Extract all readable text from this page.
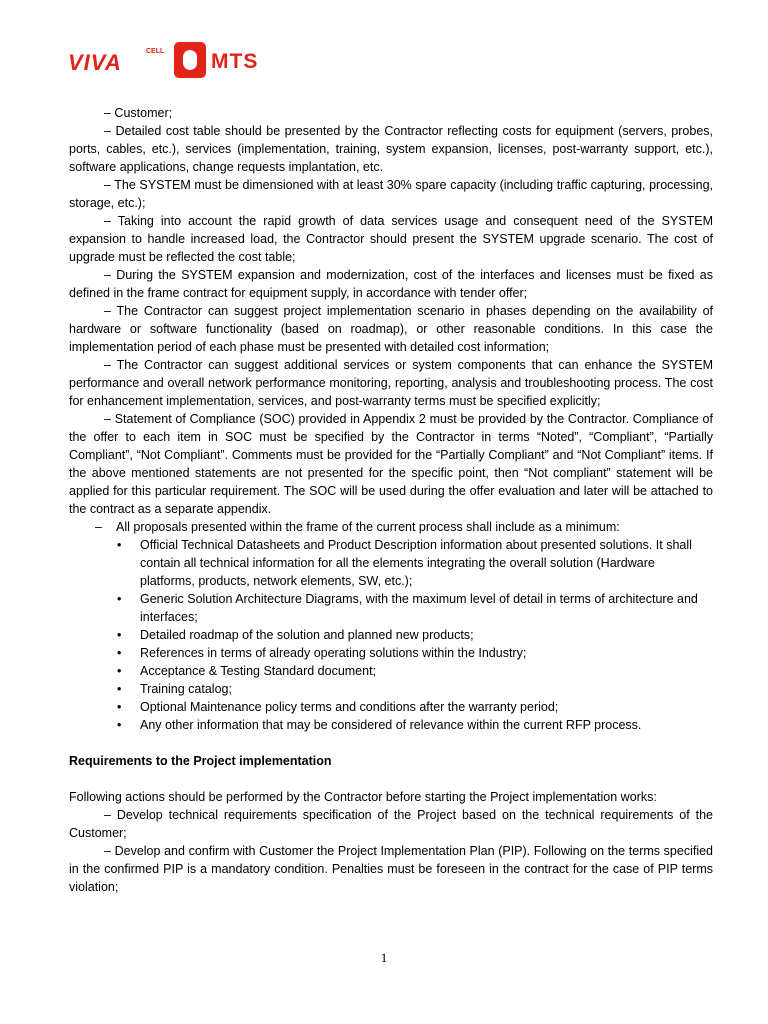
VIVA	CELL MTS

– Customer;

– Detailed cost table should be presented by the Contractor reflecting costs for equipment (servers, probes, ports, cables, etc.), services (implementation, training, system expansion, licenses, post-warranty support, etc.), software applications, change requests implantation, etc.

– The SYSTEM must be dimensioned with at least 30% spare capacity (including traffic capturing, processing, storage, etc.);

– Taking into account the rapid growth of data services usage and consequent need of the SYSTEM expansion to handle increased load, the Contractor should present the SYSTEM upgrade scenario. The cost of upgrade must be reflected the cost table;

– During the SYSTEM expansion and modernization, cost of the interfaces and licenses must be fixed as defined in the frame contract for equipment supply, in accordance with tender offer;

– The Contractor can suggest project implementation scenario in phases depending on the availability of hardware or software functionality (based on roadmap), or other reasonable conditions. In this case the implementation period of each phase must be presented with detailed cost information;

– The Contractor can suggest additional services or system components that can enhance the SYSTEM performance and overall network performance monitoring, reporting, analysis and troubleshooting process. The cost for enhancement implementation, services, and post-warranty terms must be specified explicitly;

– Statement of Compliance (SOC) provided in Appendix 2 must be provided by the Contractor. Compliance of the offer to each item in SOC must be specified by the Contractor in terms “Noted”, “Compliant”, “Partially Compliant”, “Not Compliant”. Comments must be provided for the “Partially Compliant” and “Not Compliant” items. If the above mentioned statements are not presented for the specific point, then “Not compliant” statement will be applied for this particular requirement. The SOC will be used during the offer evaluation and later will be attached to the contract as a separate appendix.

– All proposals presented within the frame of the current process shall include as a minimum:

• Official Technical Datasheets and Product Description information about presented solutions. It shall contain all technical information for all the elements integrating the overall solution (Hardware platforms, products, network elements, SW, etc.);
• Generic Solution Architecture Diagrams, with the maximum level of detail in terms of architecture and interfaces;
• Detailed roadmap of the solution and planned new products;
• References in terms of already operating solutions within the Industry;
• Acceptance & Testing Standard document;
• Training catalog;
• Optional Maintenance policy terms and conditions after the warranty period;
• Any other information that may be considered of relevance within the current RFP process.

Requirements to the Project implementation

Following actions should be performed by the Contractor before starting the Project implementation works:

– Develop technical requirements specification of the Project based on the technical requirements of the Customer;

– Develop and confirm with Customer the Project Implementation Plan (PIP). Following on the terms specified in the confirmed PIP is a mandatory condition. Penalties must be foreseen in the contract for the case of PIP terms violation;

1
